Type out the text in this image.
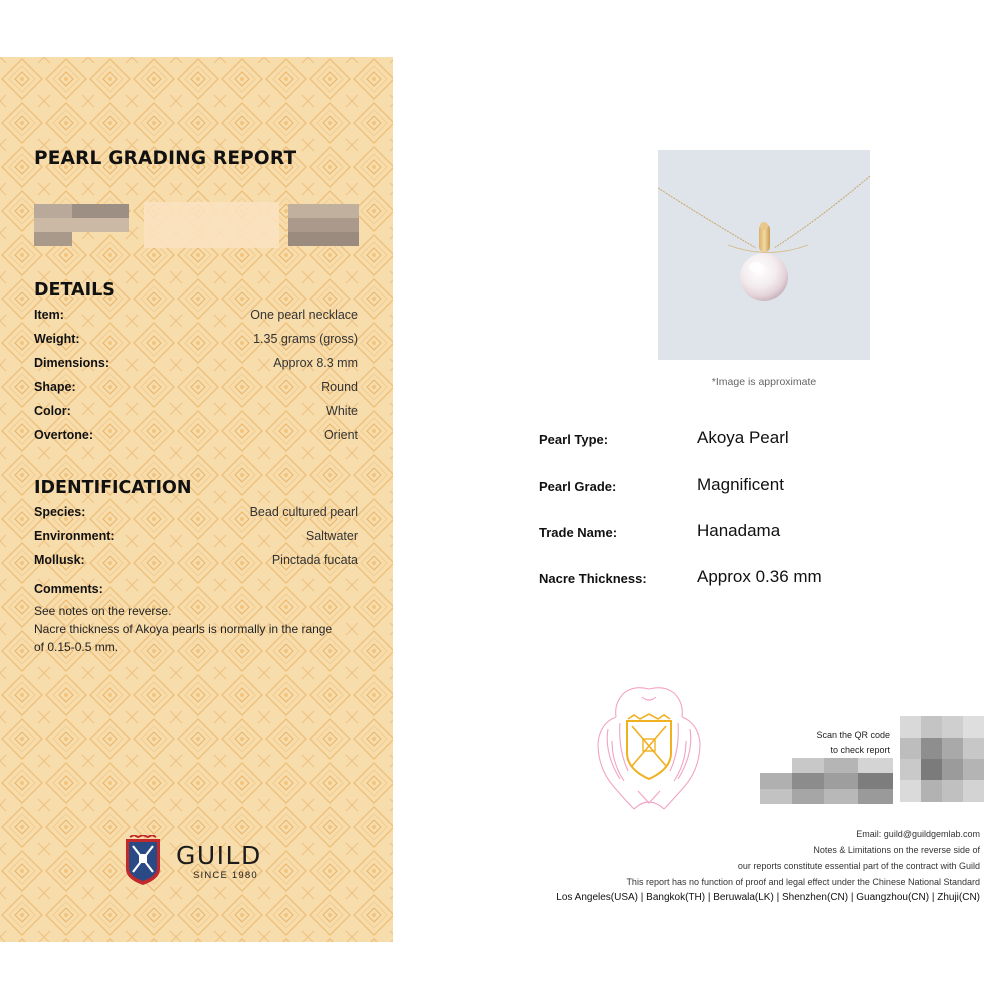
PEARL GRADING REPORT
DETAILS
Item:	One pearl necklace
Weight:	1.35 grams (gross)
Dimensions:	Approx 8.3 mm
Shape:	Round
Color:	White
Overtone:	Orient
IDENTIFICATION
Species:	Bead cultured pearl
Environment:	Saltwater
Mollusk:	Pinctada fucata
Comments:
See notes on the reverse.
Nacre thickness of Akoya pearls is normally in the range
of 0.15-0.5 mm.
GUILD
SINCE 1980
*Image is approximate
Pearl Type:	Akoya Pearl
Pearl Grade:	Magnificent
Trade Name:	Hanadama
Nacre Thickness:	Approx 0.36 mm
Scan the QR code
to check report
Email: guild@guildgemlab.com
Notes & Limitations on the reverse side of
our reports constitute essential part of the contract with Guild
This report has no function of proof and legal effect under the Chinese National Standard
Los Angeles(USA) | Bangkok(TH) | Beruwala(LK) | Shenzhen(CN) | Guangzhou(CN) | Zhuji(CN)
